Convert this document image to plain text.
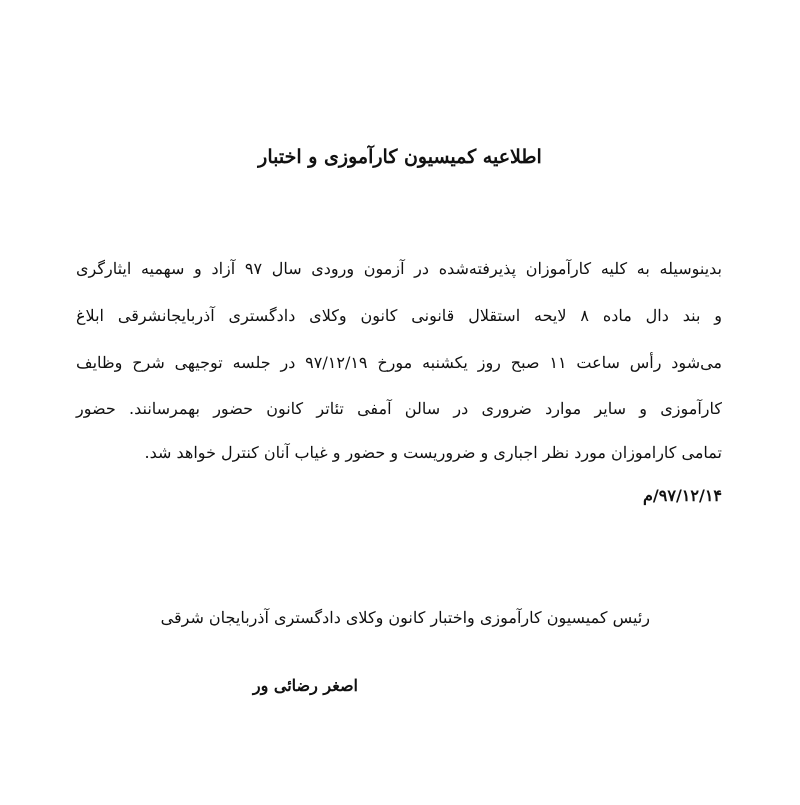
اطلاعیه کمیسیون کارآموزی و اختبار
بدینوسیله به کلیه کارآموزان پذیرفته‌شده در آزمون ورودی سال ۹۷ آزاد و سهمیه ایثارگری
و بند دال ماده ۸ لایحه استقلال قانونی کانون وکلای دادگستری آذربایجانشرقی ابلاغ
می‌شود رأس ساعت ۱۱ صبح روز یکشنبه مورخ ۹۷/۱۲/۱۹ در جلسه توجیهی شرح وظایف
کارآموزی و سایر موارد ضروری در سالن آمفی تئاتر کانون حضور بهمرسانند. حضور
تمامی کاراموزان مورد نظر اجباری و ضروریست و حضور و غیاب آنان کنترل خواهد شد.
۹۷/۱۲/۱۴/م
رئیس کمیسیون کارآموزی واختبار کانون وکلای دادگستری آذربایجان شرقی
اصغر رضائی ور
